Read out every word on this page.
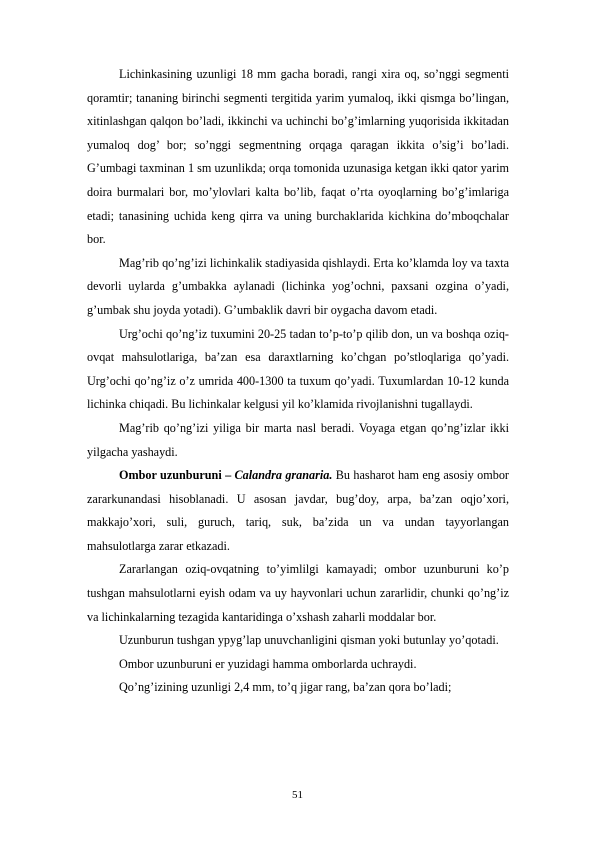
Lichinkasining uzunligi 18 mm gacha boradi, rangi xira oq, so’nggi segmenti qoramtir; tananing birinchi segmenti tergitida yarim yumaloq, ikki qismga bo’lingan, xitinlashgan qalqon bo’ladi, ikkinchi va uchinchi bo’g’imlarning yuqorisida ikkitadan yumaloq dog’ bor; so’nggi segmentning orqaga qaragan ikkita o’sig’i bo’ladi. G’umbagi taxminan 1 sm uzunlikda; orqa tomonida uzunasiga ketgan ikki qator yarim doira burmalari bor, mo’ylovlari kalta bo’lib, faqat o’rta oyoqlarning bo’g’imlariga etadi; tanasining uchida keng qirra va uning burchaklarida kichkina do’mboqchalar bor.

Mag’rib qo’ng’izi lichinkalik stadiyasida qishlaydi. Erta ko’klamda loy va taxta devorli uylarda g’umbakka aylanadi (lichinka yog’ochni, paxsani ozgina o’yadi, g’umbak shu joyda yotadi). G’umbaklik davri bir oygacha davom etadi.

Urg’ochi qo’ng’iz tuxumini 20-25 tadan to’p-to’p qilib don, un va boshqa oziq-ovqat mahsulotlariga, ba’zan esa daraxtlarning ko’chgan po’stloqlariga qo’yadi. Urg’ochi qo’ng’iz o’z umrida 400-1300 ta tuxum qo’yadi. Tuxumlardan 10-12 kunda lichinka chiqadi. Bu lichinkalar kelgusi yil ko’klamida rivojlanishni tugallaydi.

Mag’rib qo’ng’izi yiliga bir marta nasl beradi. Voyaga etgan qo’ng’izlar ikki yilgacha yashaydi.

Ombor uzunburuni – Calandra granaria. Bu hasharot ham eng asosiy ombor zararkunandasi hisoblanadi. U asosan javdar, bug’doy, arpa, ba’zan oqjo’xori, makkajo’xori, suli, guruch, tariq, suk, ba’zida un va undan tayyorlangan mahsulotlarga zarar etkazadi.

Zararlangan oziq-ovqatning to’yimlilgi kamayadi; ombor uzunburuni ko’p tushgan mahsulotlarni eyish odam va uy hayvonlari uchun zararlidir, chunki qo’ng’iz va lichinkalarning tezagida kantaridinga o’xshash zaharli moddalar bor.

Uzunburun tushgan ypyg’lap unuvchanligini qisman yoki butunlay yo’qotadi.

Ombor uzunburuni er yuzidagi hamma omborlarda uchraydi.

Qo’ng’izining uzunligi 2,4 mm, to’q jigar rang, ba’zan qora bo’ladi;

51
